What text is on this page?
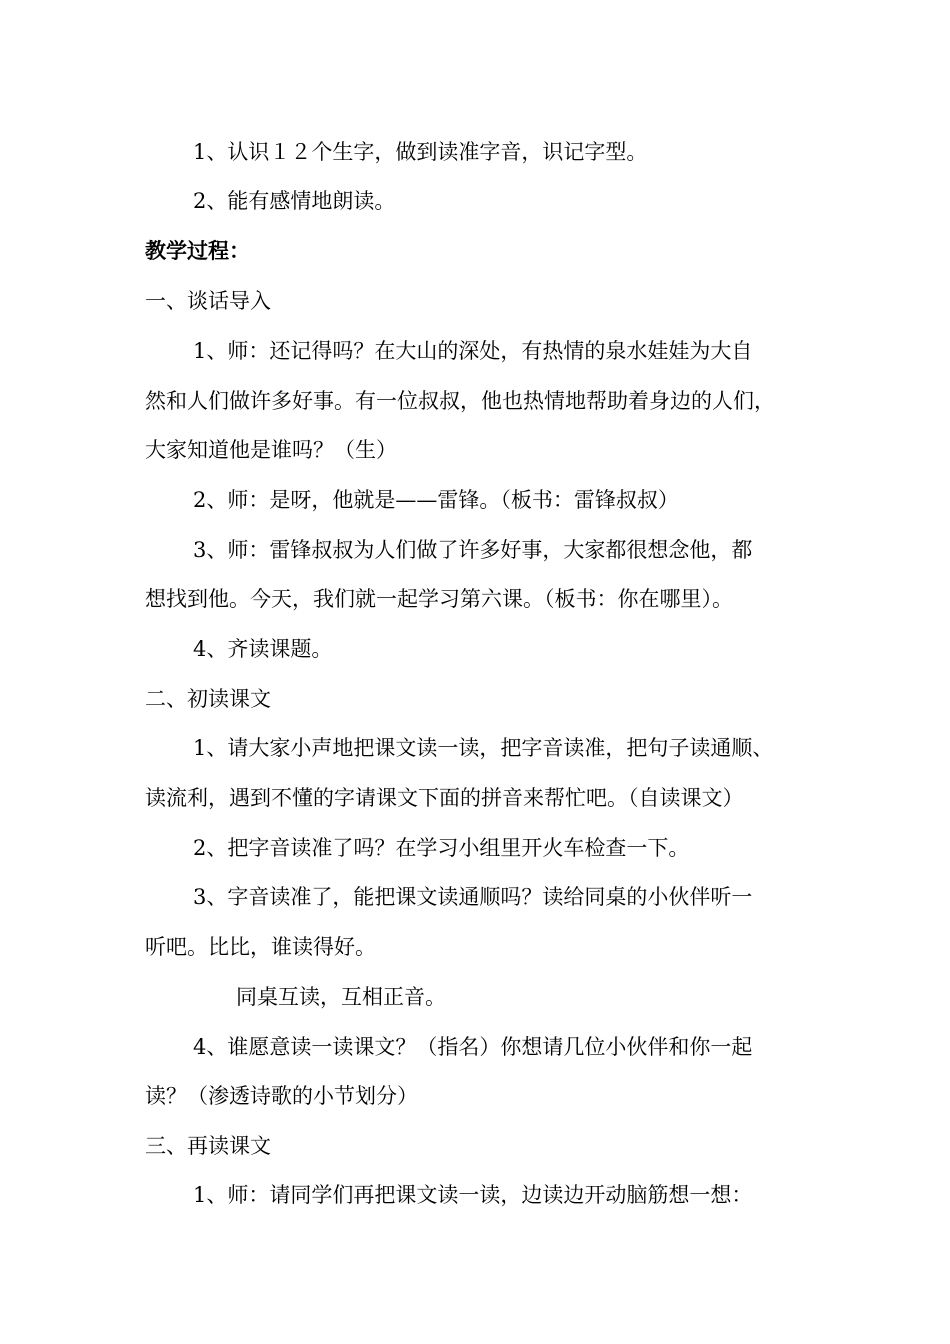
1、认识１２个生字，做到读准字音，识记字型。
2、能有感情地朗读。
教学过程：
一、谈话导入
1、师：还记得吗？在大山的深处，有热情的泉水娃娃为大自
然和人们做许多好事。有一位叔叔，他也热情地帮助着身边的人们，
大家知道他是谁吗？（生）
2、师：是呀，他就是——雷锋。（板书：雷锋叔叔）
3、师：雷锋叔叔为人们做了许多好事，大家都很想念他，都
想找到他。今天，我们就一起学习第六课。（板书：你在哪里）。
4、齐读课题。
二、初读课文
1、请大家小声地把课文读一读，把字音读准，把句子读通顺、
读流利，遇到不懂的字请课文下面的拼音来帮忙吧。（自读课文）
2、把字音读准了吗？在学习小组里开火车检查一下。
3、字音读准了，能把课文读通顺吗？读给同桌的小伙伴听一
听吧。比比，谁读得好。
同桌互读，互相正音。
4、谁愿意读一读课文？（指名）你想请几位小伙伴和你一起
读？（渗透诗歌的小节划分）
三、再读课文
1、师：请同学们再把课文读一读，边读边开动脑筋想一想：
